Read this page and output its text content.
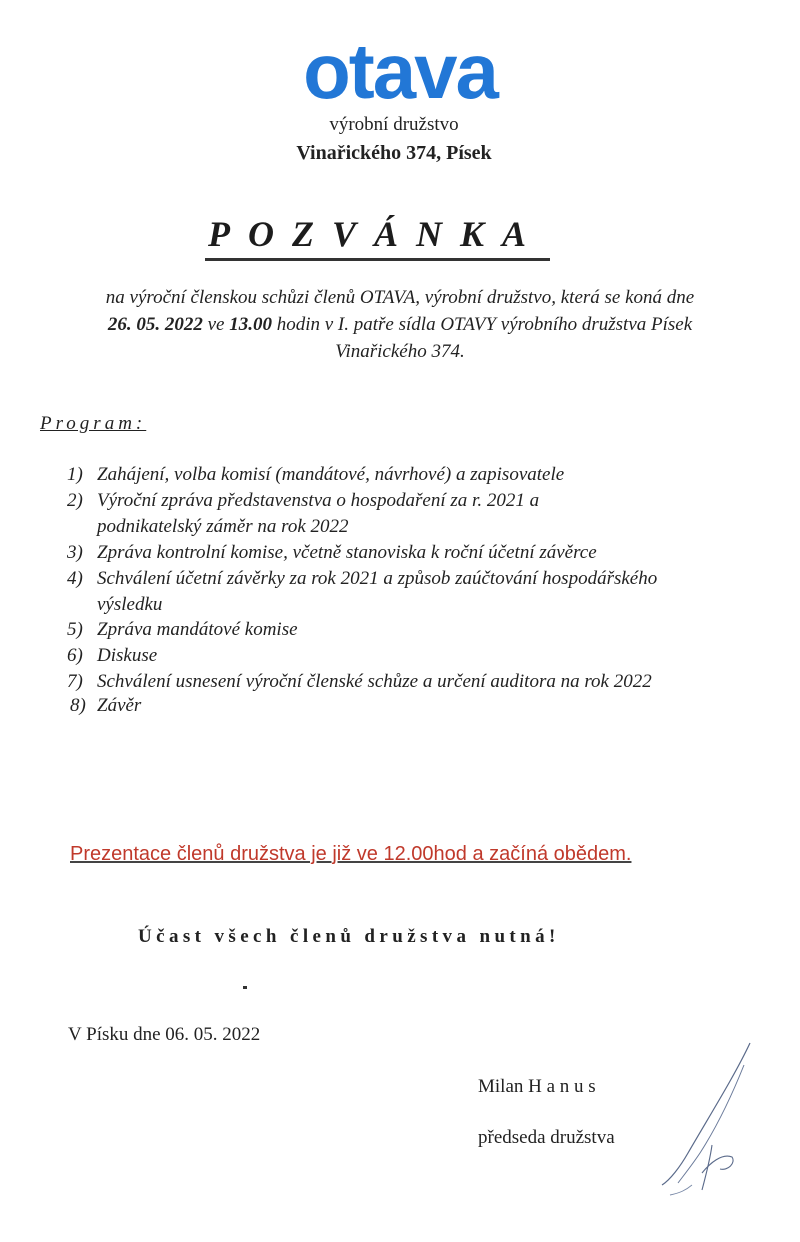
otava
výrobní družstvo
Vinařického 374, Písek
POZVÁNKA
na výroční členskou schůzi členů OTAVA, výrobní družstvo, která se koná dne
26. 05. 2022 ve 13.00 hodin v I. patře sídla OTAVY výrobního družstva Písek
Vinařického 374.
Program:
1) Zahájení, volba komisí (mandátové, návrhové) a zapisovatele
2) Výroční zpráva představenstva o hospodaření za r. 2021 a
podnikatelský záměr na rok 2022
3) Zpráva kontrolní komise, včetně stanoviska k roční účetní závěrce
4) Schválení účetní závěrky za rok 2021 a způsob zaúčtování hospodářského
výsledku
5) Zpráva mandátové komise
6) Diskuse
7) Schválení usnesení výroční členské schůze a určení auditora na rok 2022
8) Závěr
Prezentace členů družstva je již ve 12.00hod a začíná obědem.
Účast všech členů družstva nutná!
V Písku dne 06. 05. 2022
Milan H a n u s
předseda družstva
